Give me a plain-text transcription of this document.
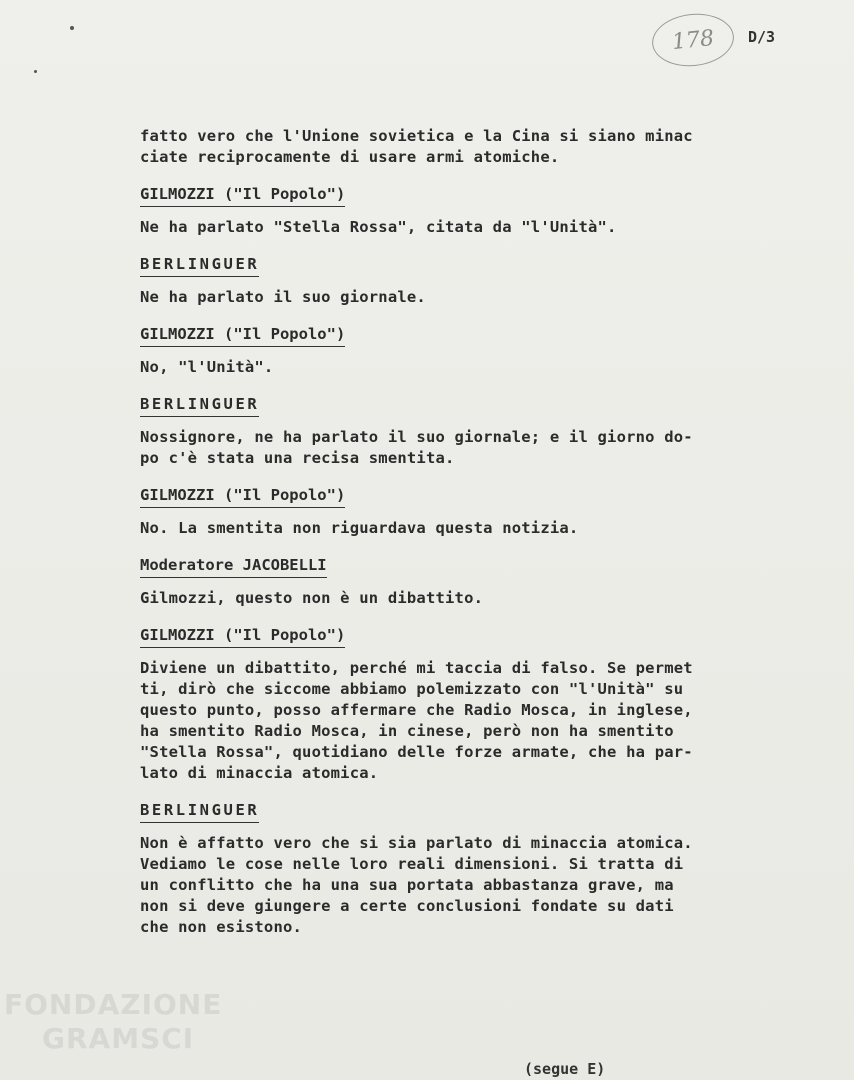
178 D/3
fatto vero che l'Unione sovietica e la Cina si siano minac
ciate reciprocamente di usare armi atomiche.
GILMOZZI ("Il Popolo")
Ne ha parlato "Stella Rossa", citata da "l'Unità".
BERLINGUER
Ne ha parlato il suo giornale.
GILMOZZI ("Il Popolo")
No, "l'Unità".
BERLINGUER
Nossignore, ne ha parlato il suo giornale; e il giorno do-
po c'è stata una recisa smentita.
GILMOZZI ("Il Popolo")
No. La smentita non riguardava questa notizia.
Moderatore JACOBELLI
Gilmozzi, questo non è un dibattito.
GILMOZZI ("Il Popolo")
Diviene un dibattito, perché mi taccia di falso. Se permet
ti, dirò che siccome abbiamo polemizzato con "l'Unità" su
questo punto, posso affermare che Radio Mosca, in inglese,
ha smentito Radio Mosca, in cinese, però non ha smentito
"Stella Rossa", quotidiano delle forze armate, che ha par-
lato di minaccia atomica.
BERLINGUER
Non è affatto vero che si sia parlato di minaccia atomica.
Vediamo le cose nelle loro reali dimensioni. Si tratta di
un conflitto che ha una sua portata abbastanza grave, ma
non si deve giungere a certe conclusioni fondate su dati
che non esistono.
FONDAZIONE
GRAMSCI
(segue E)
